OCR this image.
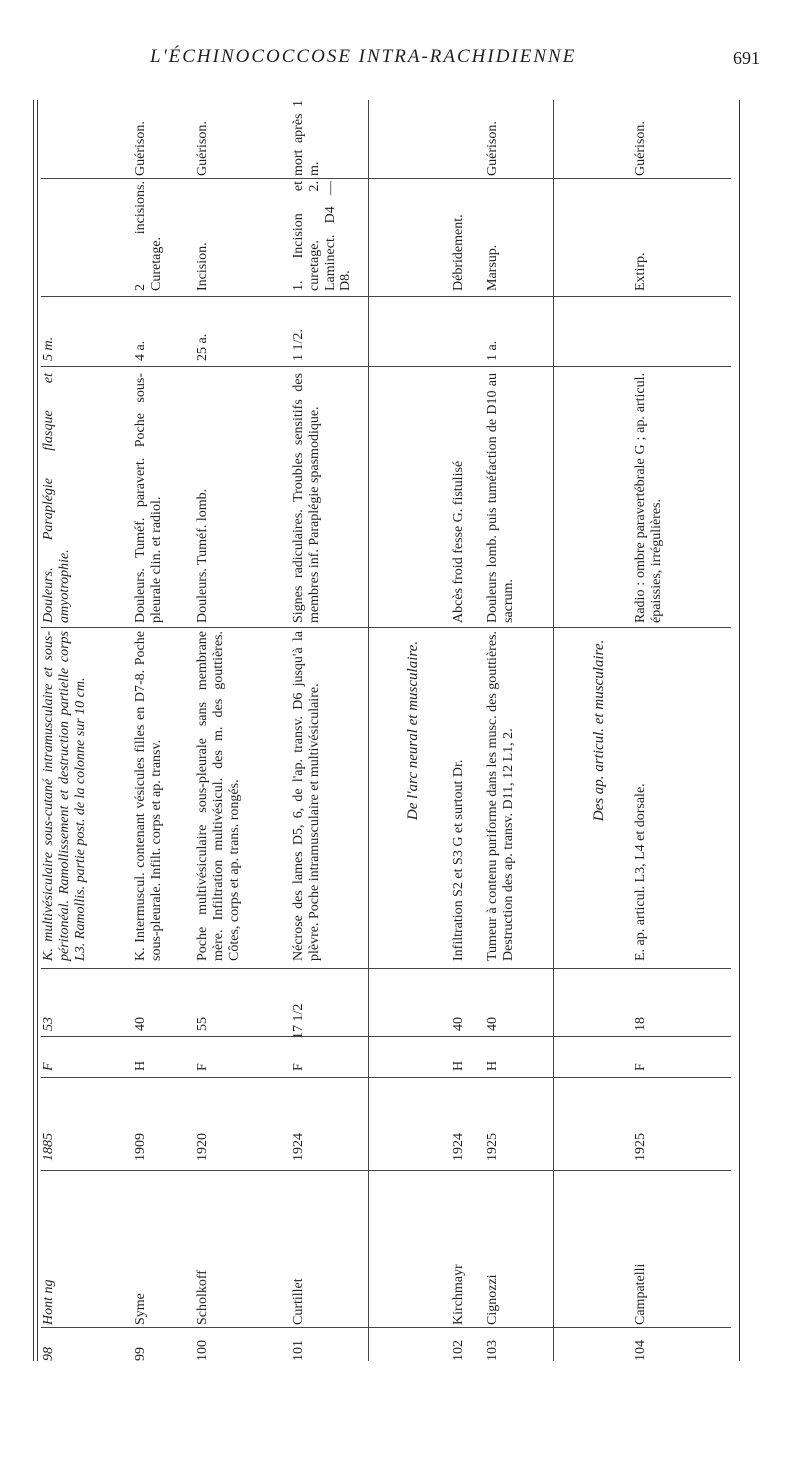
L'ÉCHINOCOCCOSE INTRA-RACHIDIENNE	691
98
Hont ng
1885
F
53
K. multivésiculaire sous-cutané intramusculaire et sous-péritonéal. Ramollissement et destruction partielle corps L3. Ramollis. partie post. de la colonne sur 10 cm.
Douleurs. Paraplégie flasque et amyotrophie.
5 m.
99
Syme
1909
H
40
K. Intermuscul. contenant vésicules filles en D7-8. Poche sous-pleurale. Infilt. corps et ap. transv.
Douleurs. Tuméf. paravert. Poche sous-pleurale clin. et radiol.
4 a.
2 incisions. Curetage.
Guérison.
100
Scholkoff
1920
F
55
Poche multivésiculaire sous-pleurale sans membrane mère. Infiltration multivésicul. des m. des gouttières. Côtes, corps et ap. trans. rongés.
Douleurs. Tuméf. lomb.
25 a.
Incision.
Guérison.
101
Curtillet
1924
F
17 1/2
Nécrose des lames D5, 6, de l'ap. transv. D6 jusqu'à la plèvre. Poche intramusculaire et multivésiculaire.
Signes radiculaires. Troubles sensitifs des membres inf. Paraplégie spasmodique.
1 1/2.
1. Incision et curetage. 2. Laminect. D4 — D8.
mort après 1 m.
De l'arc neural et musculaire.
102
Kirchmayr
1924
H
40
Infiltration S2 et S3 G et surtout Dr.
Abcès froid fesse G. fistulisé
Débridement.
103
Cignozzi
1925
H
40
Tumeur à contenu puriforme dans les musc. des gouttières. Destruction des ap. transv. D11, 12 L1, 2.
Douleurs lomb. puis tuméfaction de D10 au sacrum.
1 a.
Marsup.
Guérison.
Des ap. articul. et musculaire.
104
Campatelli
1925
F
18
E. ap. articul. L3, L4 et dorsale.
Radio : ombre paravertébrale G ; ap. articul. épaissies, irrégulières.
Extirp.
Guérison.
